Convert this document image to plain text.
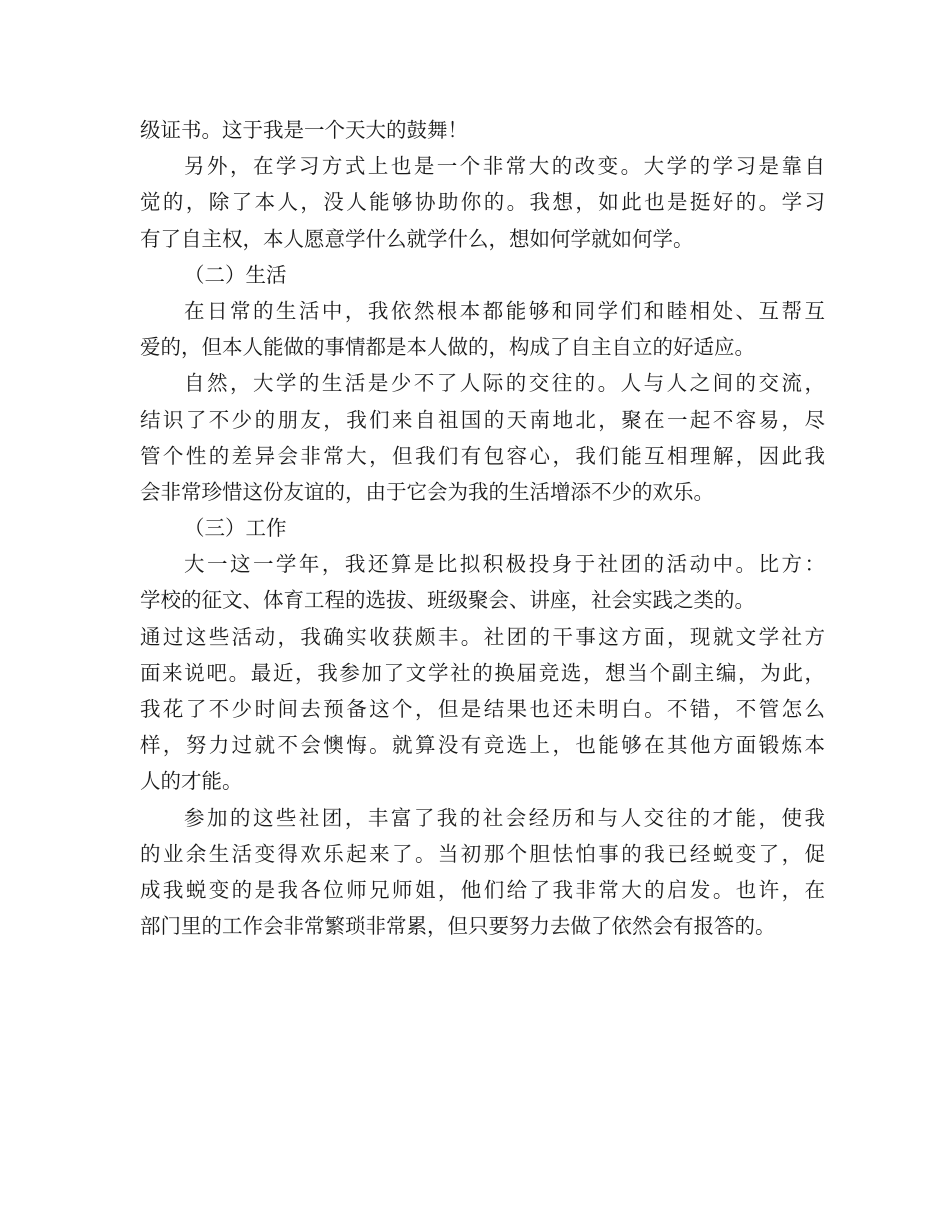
级证书。这于我是一个天大的鼓舞！
另外，在学习方式上也是一个非常大的改变。大学的学习是靠自
觉的，除了本人，没人能够协助你的。我想，如此也是挺好的。学习
有了自主权，本人愿意学什么就学什么，想如何学就如何学。
（二）生活
在日常的生活中，我依然根本都能够和同学们和睦相处、互帮互
爱的，但本人能做的事情都是本人做的，构成了自主自立的好适应。
自然，大学的生活是少不了人际的交往的。人与人之间的交流，
结识了不少的朋友，我们来自祖国的天南地北，聚在一起不容易，尽
管个性的差异会非常大，但我们有包容心，我们能互相理解，因此我
会非常珍惜这份友谊的，由于它会为我的生活增添不少的欢乐。
（三）工作
大一这一学年，我还算是比拟积极投身于社团的活动中。比方：
学校的征文、体育工程的选拔、班级聚会、讲座，社会实践之类的。
通过这些活动，我确实收获颇丰。社团的干事这方面，现就文学社方
面来说吧。最近，我参加了文学社的换届竞选，想当个副主编，为此，
我花了不少时间去预备这个，但是结果也还未明白。不错，不管怎么
样，努力过就不会懊悔。就算没有竞选上，也能够在其他方面锻炼本
人的才能。
参加的这些社团，丰富了我的社会经历和与人交往的才能，使我
的业余生活变得欢乐起来了。当初那个胆怯怕事的我已经蜕变了，促
成我蜕变的是我各位师兄师姐，他们给了我非常大的启发。也许，在
部门里的工作会非常繁琐非常累，但只要努力去做了依然会有报答的。
